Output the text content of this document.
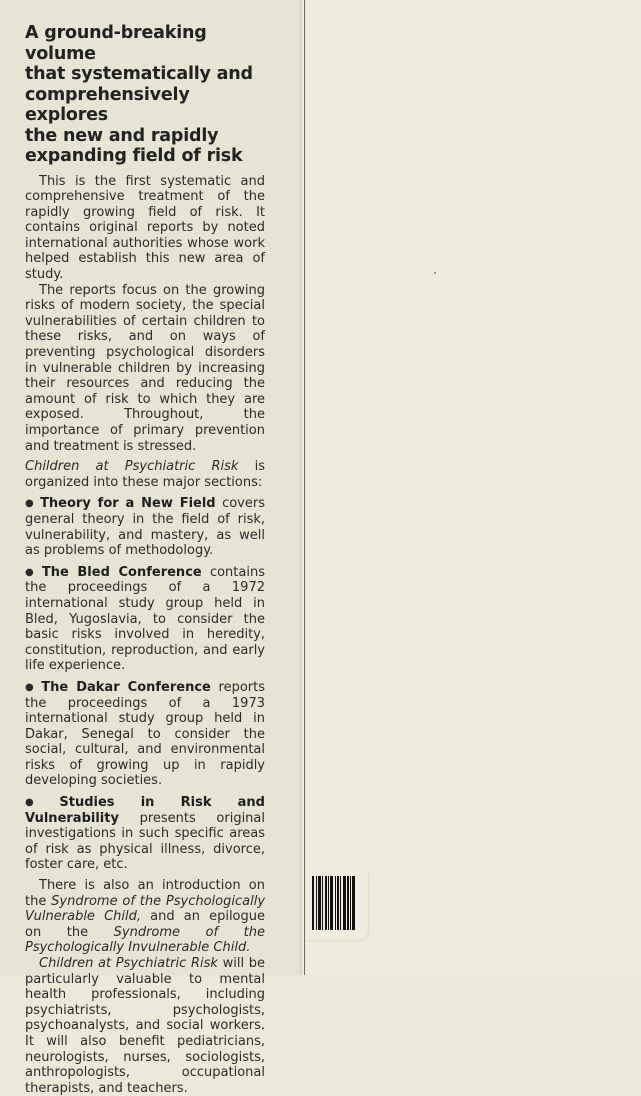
A ground-breaking volume
that systematically and
comprehensively explores
the new and rapidly
expanding field of risk

This is the first systematic and comprehensive treatment of the rapidly growing field of risk. It contains original reports by noted international authorities whose work helped establish this new area of study.

The reports focus on the growing risks of modern society, the special vulnerabilities of certain children to these risks, and on ways of preventing psychological disorders in vulnerable children by increasing their resources and reducing the amount of risk to which they are exposed. Throughout, the importance of primary prevention and treatment is stressed.

Children at Psychiatric Risk is organized into these major sections:

● Theory for a New Field covers general theory in the field of risk, vulnerability, and mastery, as well as problems of methodology.

● The Bled Conference contains the proceedings of a 1972 international study group held in Bled, Yugoslavia, to consider the basic risks involved in heredity, constitution, reproduction, and early life experience.

● The Dakar Conference reports the proceedings of a 1973 international study group held in Dakar, Senegal to consider the social, cultural, and environmental risks of growing up in rapidly developing societies.

● Studies in Risk and Vulnerability presents original investigations in such specific areas of risk as physical illness, divorce, foster care, etc.

There is also an introduction on the Syndrome of the Psychologically Vulnerable Child, and an epilogue on the Syndrome of the Psychologically Invulnerable Child.

Children at Psychiatric Risk will be particularly valuable to mental health professionals, including psychiatrists, psychologists, psychoanalysts, and social workers. It will also benefit pediatricians, neurologists, nurses, sociologists, anthropologists, occupational therapists, and teachers.
